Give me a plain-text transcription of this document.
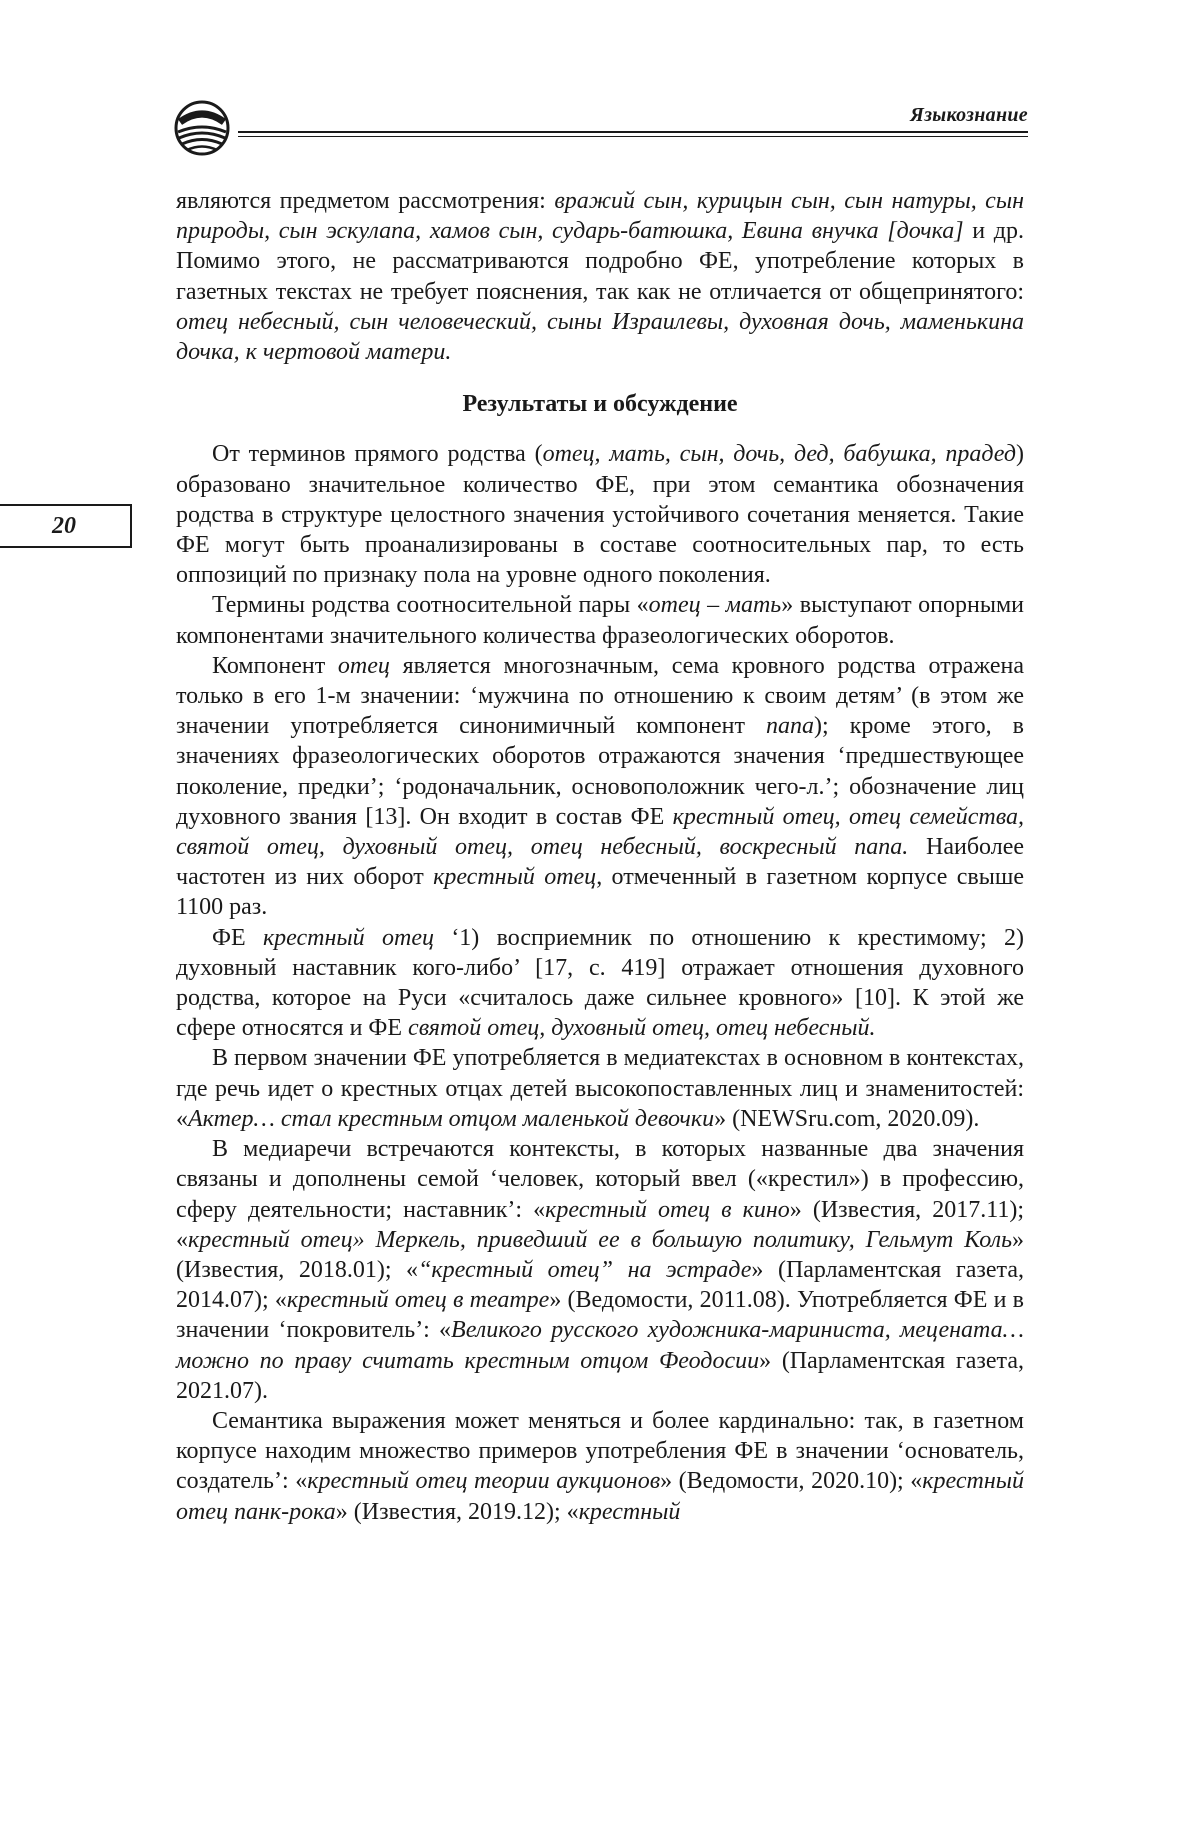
Языкознание
20

являются предметом рассмотрения: вражий сын, курицын сын, сын натуры, сын природы, сын эскулапа, хамов сын, сударь-батюшка, Евина внучка [дочка] и др. Помимо этого, не рассматриваются подробно ФЕ, употребление которых в газетных текстах не требует пояснения, так как не отличается от общепринятого: отец небесный, сын человеческий, сыны Израилевы, духовная дочь, маменькина дочка, к чертовой матери.

Результаты и обсуждение

От терминов прямого родства (отец, мать, сын, дочь, дед, бабушка, прадед) образовано значительное количество ФЕ, при этом семантика обозначения родства в структуре целостного значения устойчивого сочетания меняется. Такие ФЕ могут быть проанализированы в составе соотносительных пар, то есть оппозиций по признаку пола на уровне одного поколения.

Термины родства соотносительной пары «отец – мать» выступают опорными компонентами значительного количества фразеологических оборотов.

Компонент отец является многозначным, сема кровного родства отражена только в его 1-м значении: ‘мужчина по отношению к своим детям’ (в этом же значении употребляется синонимичный компонент папа); кроме этого, в значениях фразеологических оборотов отражаются значения ‘предшествующее поколение, предки’; ‘родоначальник, основоположник чего-л.’; обозначение лиц духовного звания [13]. Он входит в состав ФЕ крестный отец, отец семейства, святой отец, духовный отец, отец небесный, воскресный папа. Наиболее частотен из них оборот крестный отец, отмеченный в газетном корпусе свыше 1100 раз.

ФЕ крестный отец ‘1) восприемник по отношению к крестимому; 2) духовный наставник кого-либо’ [17, с. 419] отражает отношения духовного родства, которое на Руси «считалось даже сильнее кровного» [10]. К этой же сфере относятся и ФЕ святой отец, духовный отец, отец небесный.

В первом значении ФЕ употребляется в медиатекстах в основном в контекстах, где речь идет о крестных отцах детей высокопоставленных лиц и знаменитостей: «Актер… стал крестным отцом маленькой девочки» (NEWSru.com, 2020.09).

В медиаречи встречаются контексты, в которых названные два значения связаны и дополнены семой ‘человек, который ввел («крестил») в профессию, сферу деятельности; наставник’: «крестный отец в кино» (Известия, 2017.11); «крестный отец» Меркель, приведший ее в большую политику, Гельмут Коль» (Известия, 2018.01); «“крестный отец” на эстраде» (Парламентская газета, 2014.07); «крестный отец в театре» (Ведомости, 2011.08). Употребляется ФЕ и в значении ‘покровитель’: «Великого русского художника-мариниста, мецената… можно по праву считать крестным отцом Феодосии» (Парламентская газета, 2021.07).

Семантика выражения может меняться и более кардинально: так, в газетном корпусе находим множество примеров употребления ФЕ в значении ‘основатель, создатель’: «крестный отец теории аукционов» (Ведомости, 2020.10); «крестный отец панк-рока» (Известия, 2019.12); «крестный
